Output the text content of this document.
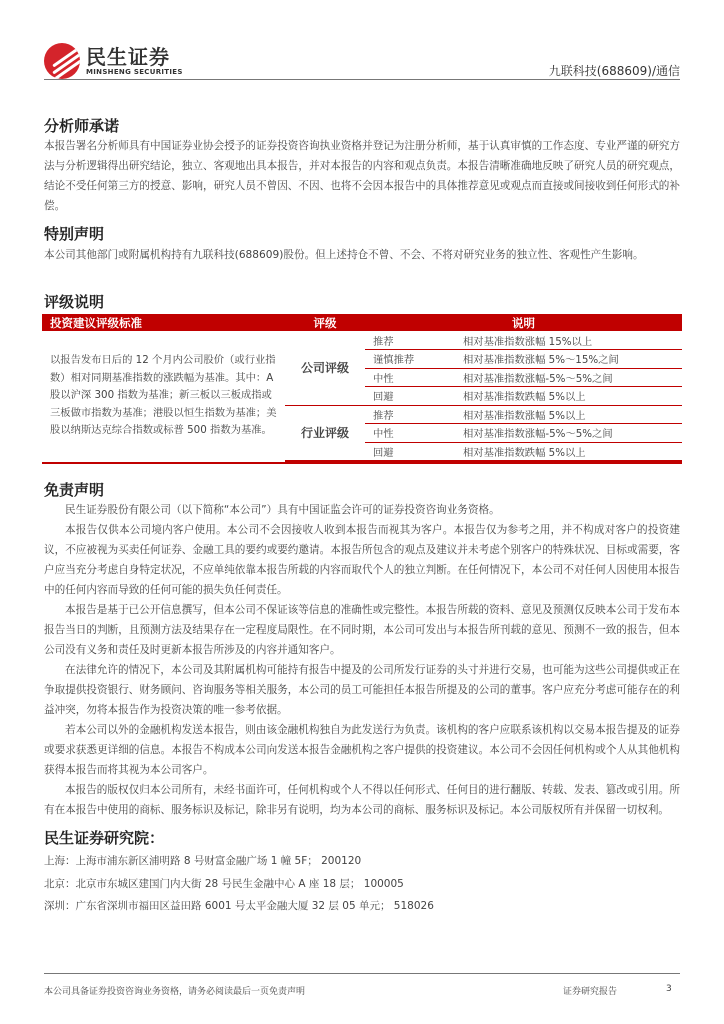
民生证券
MINSHENG SECURITIES	九联科技(688609)/通信
分析师承诺
本报告署名分析师具有中国证券业协会授予的证券投资咨询执业资格并登记为注册分析师，基于认真审慎的工作态度、专业严谨的研究方法与分析逻辑得出研究结论，独立、客观地出具本报告，并对本报告的内容和观点负责。本报告清晰准确地反映了研究人员的研究观点，结论不受任何第三方的授意、影响，研究人员不曾因、不因、也将不会因本报告中的具体推荐意见或观点而直接或间接收到任何形式的补偿。
特别声明
本公司其他部门或附属机构持有九联科技(688609)股份。但上述持仓不曾、不会、不将对研究业务的独立性、客观性产生影响。
评级说明
投资建议评级标准	评级	说明	
以报告发布日后的 12 个月内公司股价（或行业指数）相对同期基准指数的涨跌幅为基准。其中：A 股以沪深 300 指数为基准；新三板以三板成指或三板做市指数为基准；港股以恒生指数为基准；美股以纳斯达克综合指数或标普 500 指数为基准。	公司评级	推荐	相对基准指数涨幅 15%以上
		谨慎推荐	相对基准指数涨幅 5%～15%之间
		中性	相对基准指数涨幅-5%～5%之间
		回避	相对基准指数跌幅 5%以上
	行业评级	推荐	相对基准指数涨幅 5%以上
		中性	相对基准指数涨幅-5%～5%之间
		回避	相对基准指数跌幅 5%以上
免责声明

民生证券股份有限公司（以下简称“本公司”）具有中国证监会许可的证券投资咨询业务资格。

本报告仅供本公司境内客户使用。本公司不会因接收人收到本报告而视其为客户。本报告仅为参考之用，并不构成对客户的投资建议，不应被视为买卖任何证券、金融工具的要约或要约邀请。本报告所包含的观点及建议并未考虑个别客户的特殊状况、目标或需要，客户应当充分考虑自身特定状况，不应单纯依靠本报告所载的内容而取代个人的独立判断。在任何情况下，本公司不对任何人因使用本报告中的任何内容而导致的任何可能的损失负任何责任。

本报告是基于已公开信息撰写，但本公司不保证该等信息的准确性或完整性。本报告所载的资料、意见及预测仅反映本公司于发布本报告当日的判断，且预测方法及结果存在一定程度局限性。在不同时期，本公司可发出与本报告所刊载的意见、预测不一致的报告，但本公司没有义务和责任及时更新本报告所涉及的内容并通知客户。

在法律允许的情况下，本公司及其附属机构可能持有报告中提及的公司所发行证券的头寸并进行交易，也可能为这些公司提供或正在争取提供投资银行、财务顾问、咨询服务等相关服务，本公司的员工可能担任本报告所提及的公司的董事。客户应充分考虑可能存在的利益冲突，勿将本报告作为投资决策的唯一参考依据。

若本公司以外的金融机构发送本报告，则由该金融机构独自为此发送行为负责。该机构的客户应联系该机构以交易本报告提及的证券或要求获悉更详细的信息。本报告不构成本公司向发送本报告金融机构之客户提供的投资建议。本公司不会因任何机构或个人从其他机构获得本报告而将其视为本公司客户。

本报告的版权仅归本公司所有，未经书面许可，任何机构或个人不得以任何形式、任何目的进行翻版、转载、发表、篡改或引用。所有在本报告中使用的商标、服务标识及标记，除非另有说明，均为本公司的商标、服务标识及标记。本公司版权所有并保留一切权利。

民生证券研究院：
上海：上海市浦东新区浦明路 8 号财富金融广场 1 幢 5F； 200120
北京：北京市东城区建国门内大街 28 号民生金融中心 A 座 18 层； 100005
深圳：广东省深圳市福田区益田路 6001 号太平金融大厦 32 层 05 单元； 518026
本公司具备证券投资咨询业务资格，请务必阅读最后一页免责声明	证券研究报告	3
